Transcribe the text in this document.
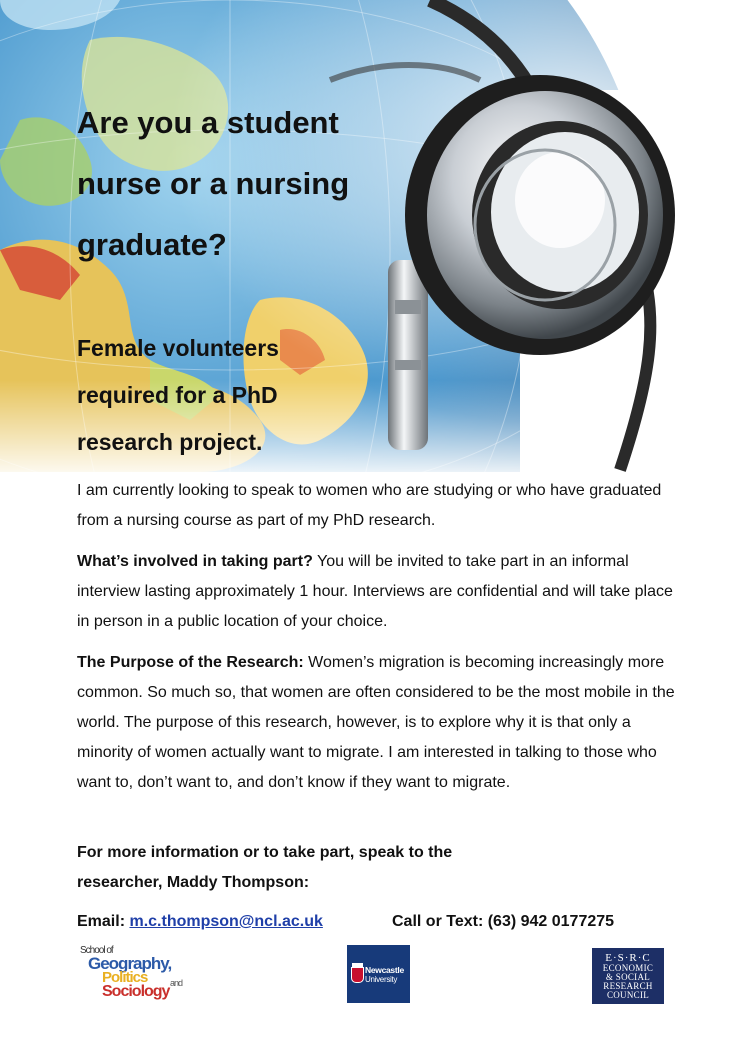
Are you a student
nurse or a nursing
graduate?
Female volunteers
required for a PhD
research project.

I am currently looking to speak to women who are studying or who have graduated from a nursing course as part of my PhD research.

What’s involved in taking part? You will be invited to take part in an informal interview lasting approximately 1 hour. Interviews are confidential and will take place in person in a public location of your choice.

The Purpose of the Research: Women’s migration is becoming increasingly more common. So much so, that women are often considered to be the most mobile in the world. The purpose of this research, however, is to explore why it is that only a minority of women actually want to migrate. I am interested in talking to those who want to, don’t want to, and don’t know if they want to migrate.

For more information or to take part, speak to the
researcher, Maddy Thompson:

Email: m.c.thompson@ncl.ac.uk	Call or Text: (63) 942 0177275
School of
Geography,
Politics	and
Sociology
Newcastle
University
E·S·R·C
ECONOMIC
& SOCIAL
RESEARCH
COUNCIL
